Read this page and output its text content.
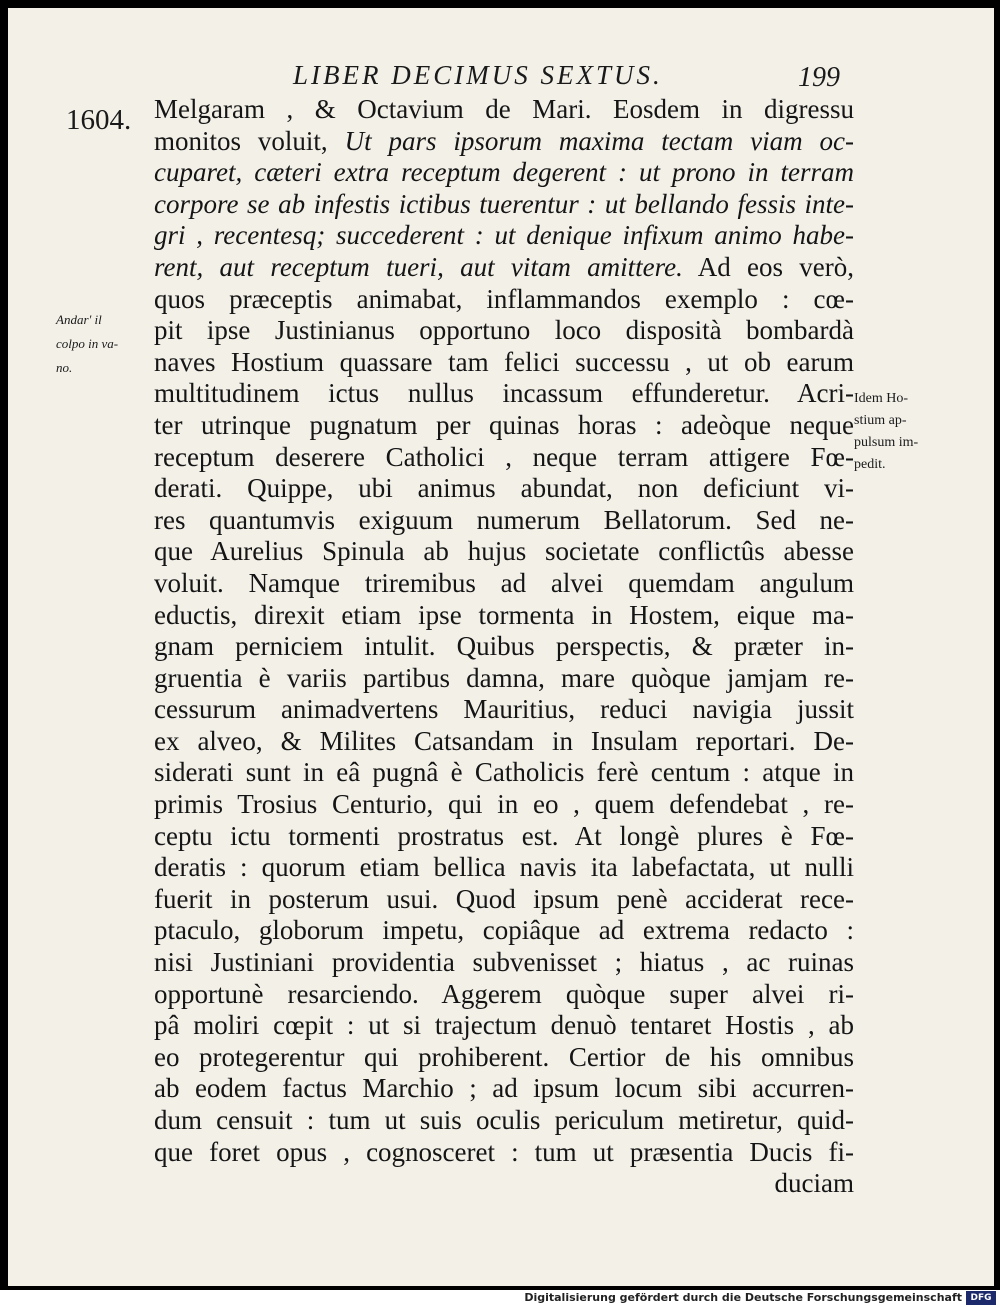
LIBER DECIMUS SEXTUS.	199
1604. Melgaram , & Octavium de Mari. Eosdem in digressu
monitos voluit, Ut pars ipsorum maxima tectam viam oc-
cuparet, cæteri extra receptum degerent : ut prono in terram
corpore se ab infestis ictibus tuerentur : ut bellando fessis inte-
gri , recentesq; succederent : ut denique infixum animo habe-
rent, aut receptum tueri, aut vitam amittere. Ad eos verò,
quos præceptis animabat, inflammandos exemplo : cœ-
pit ipse Justinianus opportuno loco disposità bombardà
naves Hostium quassare tam felici successu , ut ob earum
multitudinem ictus nullus incassum effunderetur. Acri-
ter utrinque pugnatum per quinas horas : adeòque neque
receptum deserere Catholici , neque terram attigere Fœ-
derati. Quippe, ubi animus abundat, non deficiunt vi-
res quantumvis exiguum numerum Bellatorum. Sed ne-
que Aurelius Spinula ab hujus societate conflictûs abesse
voluit. Namque triremibus ad alvei quemdam angulum
eductis, direxit etiam ipse tormenta in Hostem, eique ma-
gnam perniciem intulit. Quibus perspectis, & præter in-
gruentia è variis partibus damna, mare quòque jamjam re-
cessurum animadvertens Mauritius, reduci navigia jussit
ex alveo, & Milites Catsandam in Insulam reportari. De-
siderati sunt in eâ pugnâ è Catholicis ferè centum : atque in
primis Trosius Centurio, qui in eo , quem defendebat , re-
ceptu ictu tormenti prostratus est. At longè plures è Fœ-
deratis : quorum etiam bellica navis ita labefactata, ut nulli
fuerit in posterum usui. Quod ipsum penè acciderat rece-
ptaculo, globorum impetu, copiâque ad extrema redacto :
nisi Justiniani providentia subvenisset ; hiatus , ac ruinas
opportunè resarciendo. Aggerem quòque super alvei ri-
pâ moliri cœpit : ut si trajectum denuò tentaret Hostis , ab
eo protegerentur qui prohiberent. Certior de his omnibus
ab eodem factus Marchio ; ad ipsum locum sibi accurren-
dum censuit : tum ut suis oculis periculum metiretur, quid-
que foret opus , cognosceret : tum ut præsentia Ducis fi-
duciam
Andar' il
colpo in va-
no.
Idem Ho-
stium ap-
pulsum im-
pedit.
Digitalisierung gefördert durch die Deutsche Forschungsgemeinschaft DFG
